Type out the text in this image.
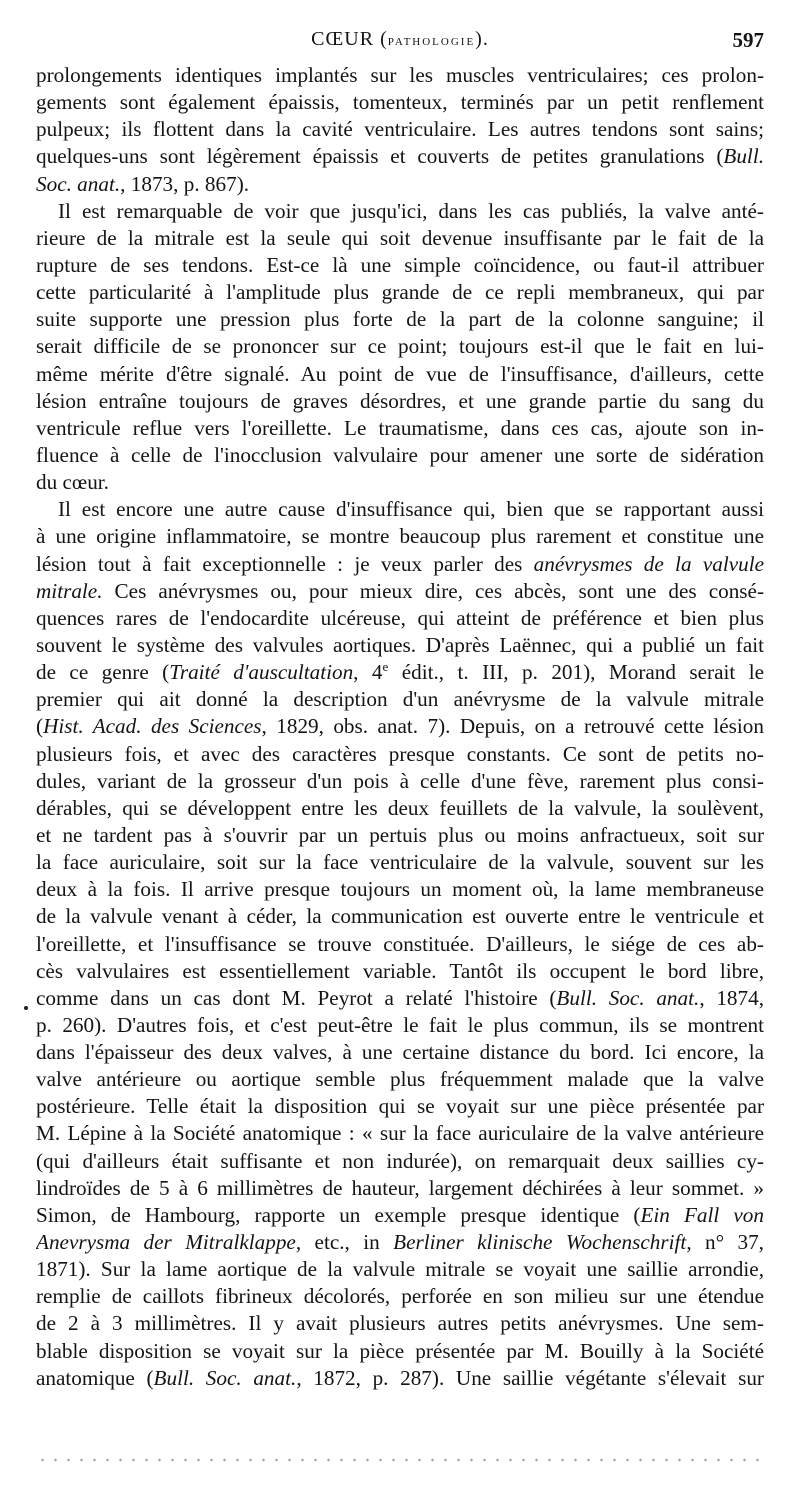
CŒUR (pathologie).	597
prolongements identiques implantés sur les muscles ventriculaires; ces prolon-
gements sont également épaissis, tomenteux, terminés par un petit renflement
pulpeux; ils flottent dans la cavité ventriculaire. Les autres tendons sont sains;
quelques-uns sont légèrement épaissis et couverts de petites granulations (Bull.
Soc. anat., 1873, p. 867).
Il est remarquable de voir que jusqu'ici, dans les cas publiés, la valve anté-
rieure de la mitrale est la seule qui soit devenue insuffisante par le fait de la
rupture de ses tendons. Est-ce là une simple coïncidence, ou faut-il attribuer
cette particularité à l'amplitude plus grande de ce repli membraneux, qui par
suite supporte une pression plus forte de la part de la colonne sanguine; il
serait difficile de se prononcer sur ce point; toujours est-il que le fait en lui-
même mérite d'être signalé. Au point de vue de l'insuffisance, d'ailleurs, cette
lésion entraîne toujours de graves désordres, et une grande partie du sang du
ventricule reflue vers l'oreillette. Le traumatisme, dans ces cas, ajoute son in-
fluence à celle de l'inocclusion valvulaire pour amener une sorte de sidération
du cœur.
Il est encore une autre cause d'insuffisance qui, bien que se rapportant aussi
à une origine inflammatoire, se montre beaucoup plus rarement et constitue une
lésion tout à fait exceptionnelle : je veux parler des anévrysmes de la valvule
mitrale. Ces anévrysmes ou, pour mieux dire, ces abcès, sont une des consé-
quences rares de l'endocardite ulcéreuse, qui atteint de préférence et bien plus
souvent le système des valvules aortiques. D'après Laënnec, qui a publié un fait
de ce genre (Traité d'auscultation, 4e édit., t. III, p. 201), Morand serait le
premier qui ait donné la description d'un anévrysme de la valvule mitrale
(Hist. Acad. des Sciences, 1829, obs. anat. 7). Depuis, on a retrouvé cette lésion
plusieurs fois, et avec des caractères presque constants. Ce sont de petits no-
dules, variant de la grosseur d'un pois à celle d'une fève, rarement plus consi-
dérables, qui se développent entre les deux feuillets de la valvule, la soulèvent,
et ne tardent pas à s'ouvrir par un pertuis plus ou moins anfractueux, soit sur
la face auriculaire, soit sur la face ventriculaire de la valvule, souvent sur les
deux à la fois. Il arrive presque toujours un moment où, la lame membraneuse
de la valvule venant à céder, la communication est ouverte entre le ventricule et
l'oreillette, et l'insuffisance se trouve constituée. D'ailleurs, le siége de ces ab-
cès valvulaires est essentiellement variable. Tantôt ils occupent le bord libre,
comme dans un cas dont M. Peyrot a relaté l'histoire (Bull. Soc. anat., 1874,
p. 260). D'autres fois, et c'est peut-être le fait le plus commun, ils se montrent
dans l'épaisseur des deux valves, à une certaine distance du bord. Ici encore, la
valve antérieure ou aortique semble plus fréquemment malade que la valve
postérieure. Telle était la disposition qui se voyait sur une pièce présentée par
M. Lépine à la Société anatomique : « sur la face auriculaire de la valve antérieure
(qui d'ailleurs était suffisante et non indurée), on remarquait deux saillies cy-
lindroïdes de 5 à 6 millimètres de hauteur, largement déchirées à leur sommet. »
Simon, de Hambourg, rapporte un exemple presque identique (Ein Fall von
Anevrysma der Mitralklappe, etc., in Berliner klinische Wochenschrift, n° 37,
1871). Sur la lame aortique de la valvule mitrale se voyait une saillie arrondie,
remplie de caillots fibrineux décolorés, perforée en son milieu sur une étendue
de 2 à 3 millimètres. Il y avait plusieurs autres petits anévrysmes. Une sem-
blable disposition se voyait sur la pièce présentée par M. Bouilly à la Société
anatomique (Bull. Soc. anat., 1872, p. 287). Une saillie végétante s'élevait sur
